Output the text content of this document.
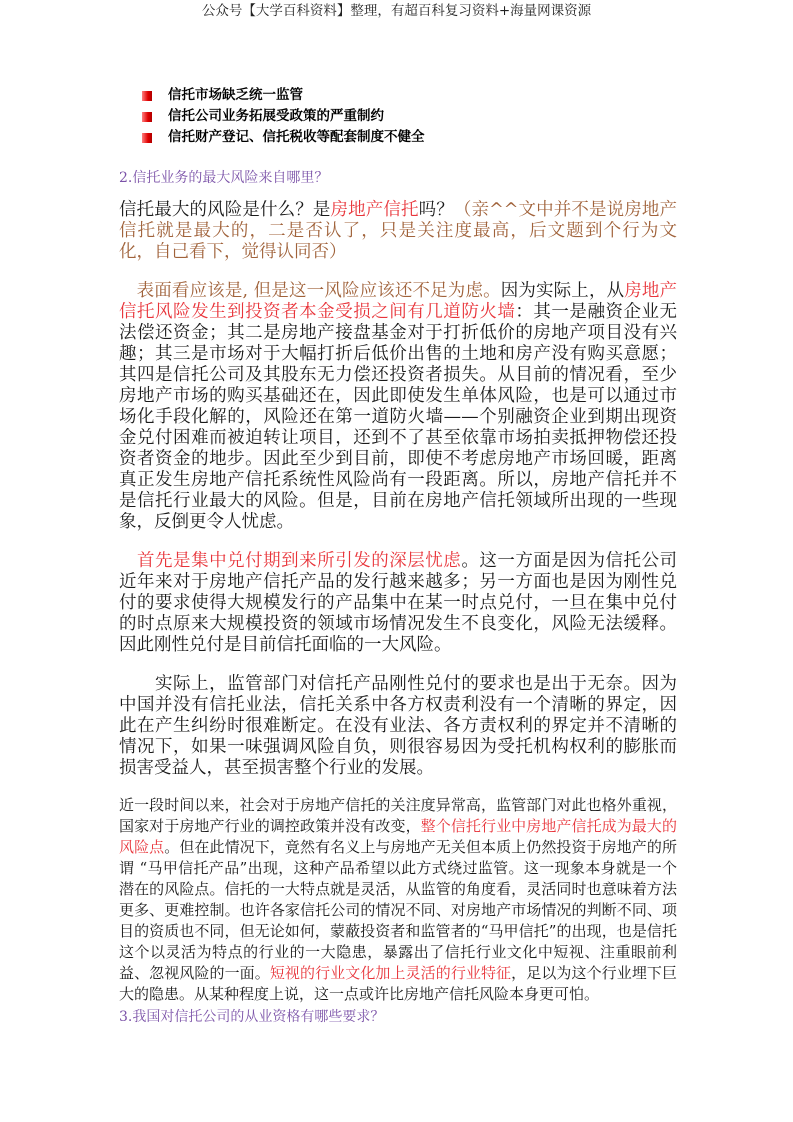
公众号【大学百科资料】整理，有超百科复习资料+海量网课资源
信托市场缺乏统一监管
信托公司业务拓展受政策的严重制约
信托财产登记、信托税收等配套制度不健全
2.信托业务的最大风险来自哪里？

信托最大的风险是什么？是房地产信托吗？（亲^^文中并不是说房地产信托就是最大的，二是否认了，只是关注度最高，后文题到个行为文化，自己看下，觉得认同否）

　表面看应该是, 但是这一风险应该还不足为虑。因为实际上，从房地产信托风险发生到投资者本金受损之间有几道防火墙：其一是融资企业无法偿还资金；其二是房地产接盘基金对于打折低价的房地产项目没有兴趣；其三是市场对于大幅打折后低价出售的土地和房产没有购买意愿；其四是信托公司及其股东无力偿还投资者损失。从目前的情况看，至少房地产市场的购买基础还在，因此即使发生单体风险，也是可以通过市场化手段化解的，风险还在第一道防火墙——个别融资企业到期出现资金兑付困难而被迫转让项目，还到不了甚至依靠市场拍卖抵押物偿还投资者资金的地步。因此至少到目前，即使不考虑房地产市场回暖，距离真正发生房地产信托系统性风险尚有一段距离。所以，房地产信托并不是信托行业最大的风险。但是，目前在房地产信托领域所出现的一些现象，反倒更令人忧虑。

　首先是集中兑付期到来所引发的深层忧虑。这一方面是因为信托公司近年来对于房地产信托产品的发行越来越多；另一方面也是因为刚性兑付的要求使得大规模发行的产品集中在某一时点兑付，一旦在集中兑付的时点原来大规模投资的领域市场情况发生不良变化，风险无法缓释。因此刚性兑付是目前信托面临的一大风险。

　　实际上，监管部门对信托产品刚性兑付的要求也是出于无奈。因为中国并没有信托业法，信托关系中各方权责利没有一个清晰的界定，因此在产生纠纷时很难断定。在没有业法、各方责权利的界定并不清晰的情况下，如果一味强调风险自负，则很容易因为受托机构权利的膨胀而损害受益人，甚至损害整个行业的发展。

近一段时间以来，社会对于房地产信托的关注度异常高，监管部门对此也格外重视，国家对于房地产行业的调控政策并没有改变，整个信托行业中房地产信托成为最大的风险点。但在此情况下，竟然有名义上与房地产无关但本质上仍然投资于房地产的所谓 “马甲信托产品”出现，这种产品希望以此方式绕过监管。这一现象本身就是一个潜在的风险点。信托的一大特点就是灵活，从监管的角度看，灵活同时也意味着方法更多、更难控制。也许各家信托公司的情况不同、对房地产市场情况的判断不同、项目的资质也不同，但无论如何，蒙蔽投资者和监管者的“马甲信托”的出现，也是信托这个以灵活为特点的行业的一大隐患，暴露出了信托行业文化中短视、注重眼前利益、忽视风险的一面。短视的行业文化加上灵活的行业特征，足以为这个行业埋下巨大的隐患。从某种程度上说，这一点或许比房地产信托风险本身更可怕。

3.我国对信托公司的从业资格有哪些要求？
